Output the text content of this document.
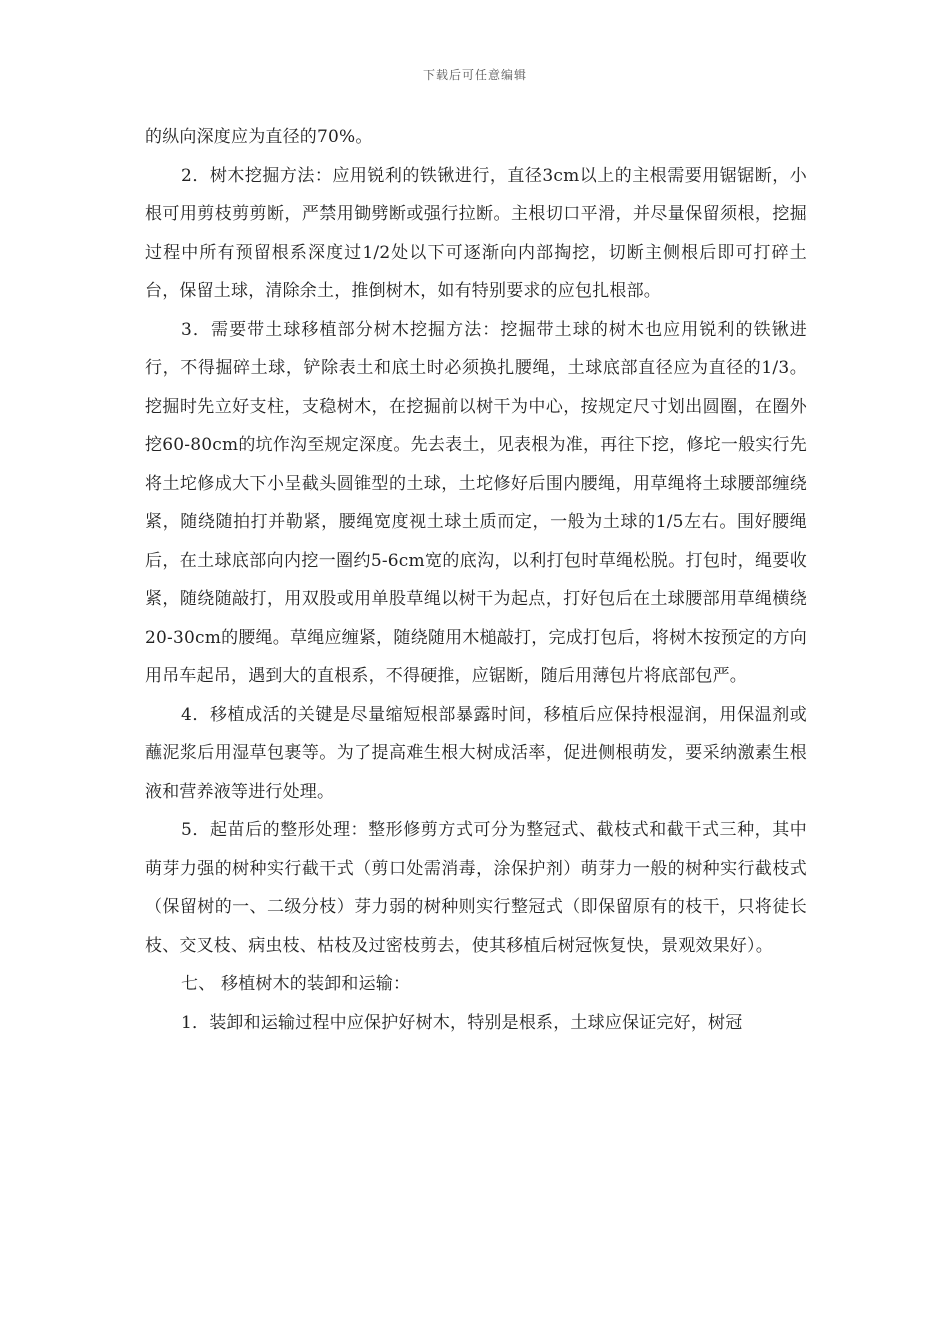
下载后可任意编辑

的纵向深度应为直径的70%。

2．树木挖掘方法：应用锐利的铁锹进行，直径3cm以上的主根需要用锯锯断，小根可用剪枝剪剪断，严禁用锄劈断或强行拉断。主根切口平滑，并尽量保留须根，挖掘过程中所有预留根系深度过1/2处以下可逐渐向内部掏挖，切断主侧根后即可打碎土台，保留土球，清除余土，推倒树木，如有特别要求的应包扎根部。

3．需要带土球移植部分树木挖掘方法：挖掘带土球的树木也应用锐利的铁锹进行，不得掘碎土球，铲除表土和底土时必须换扎腰绳，土球底部直径应为直径的1/3。挖掘时先立好支柱，支稳树木，在挖掘前以树干为中心，按规定尺寸划出圆圈，在圈外挖60-80cm的坑作沟至规定深度。先去表土，见表根为准，再往下挖，修坨一般实行先将土坨修成大下小呈截头圆锥型的土球，土坨修好后围内腰绳，用草绳将土球腰部缠绕紧，随绕随拍打并勒紧，腰绳宽度视土球土质而定，一般为土球的1/5左右。围好腰绳后，在土球底部向内挖一圈约5-6cm宽的底沟，以利打包时草绳松脱。打包时，绳要收紧，随绕随敲打，用双股或用单股草绳以树干为起点，打好包后在土球腰部用草绳横绕20-30cm的腰绳。草绳应缠紧，随绕随用木槌敲打，完成打包后，将树木按预定的方向用吊车起吊，遇到大的直根系，不得硬推，应锯断，随后用薄包片将底部包严。

4．移植成活的关键是尽量缩短根部暴露时间，移植后应保持根湿润，用保温剂或蘸泥浆后用湿草包裹等。为了提高难生根大树成活率，促进侧根萌发，要采纳激素生根液和营养液等进行处理。

5．起苗后的整形处理：整形修剪方式可分为整冠式、截枝式和截干式三种，其中萌芽力强的树种实行截干式（剪口处需消毒，涂保护剂）萌芽力一般的树种实行截枝式（保留树的一、二级分枝）芽力弱的树种则实行整冠式（即保留原有的枝干，只将徒长枝、交叉枝、病虫枝、枯枝及过密枝剪去，使其移植后树冠恢复快，景观效果好）。

七、 移植树木的装卸和运输：

1．装卸和运输过程中应保护好树木，特别是根系，土球应保证完好，树冠
